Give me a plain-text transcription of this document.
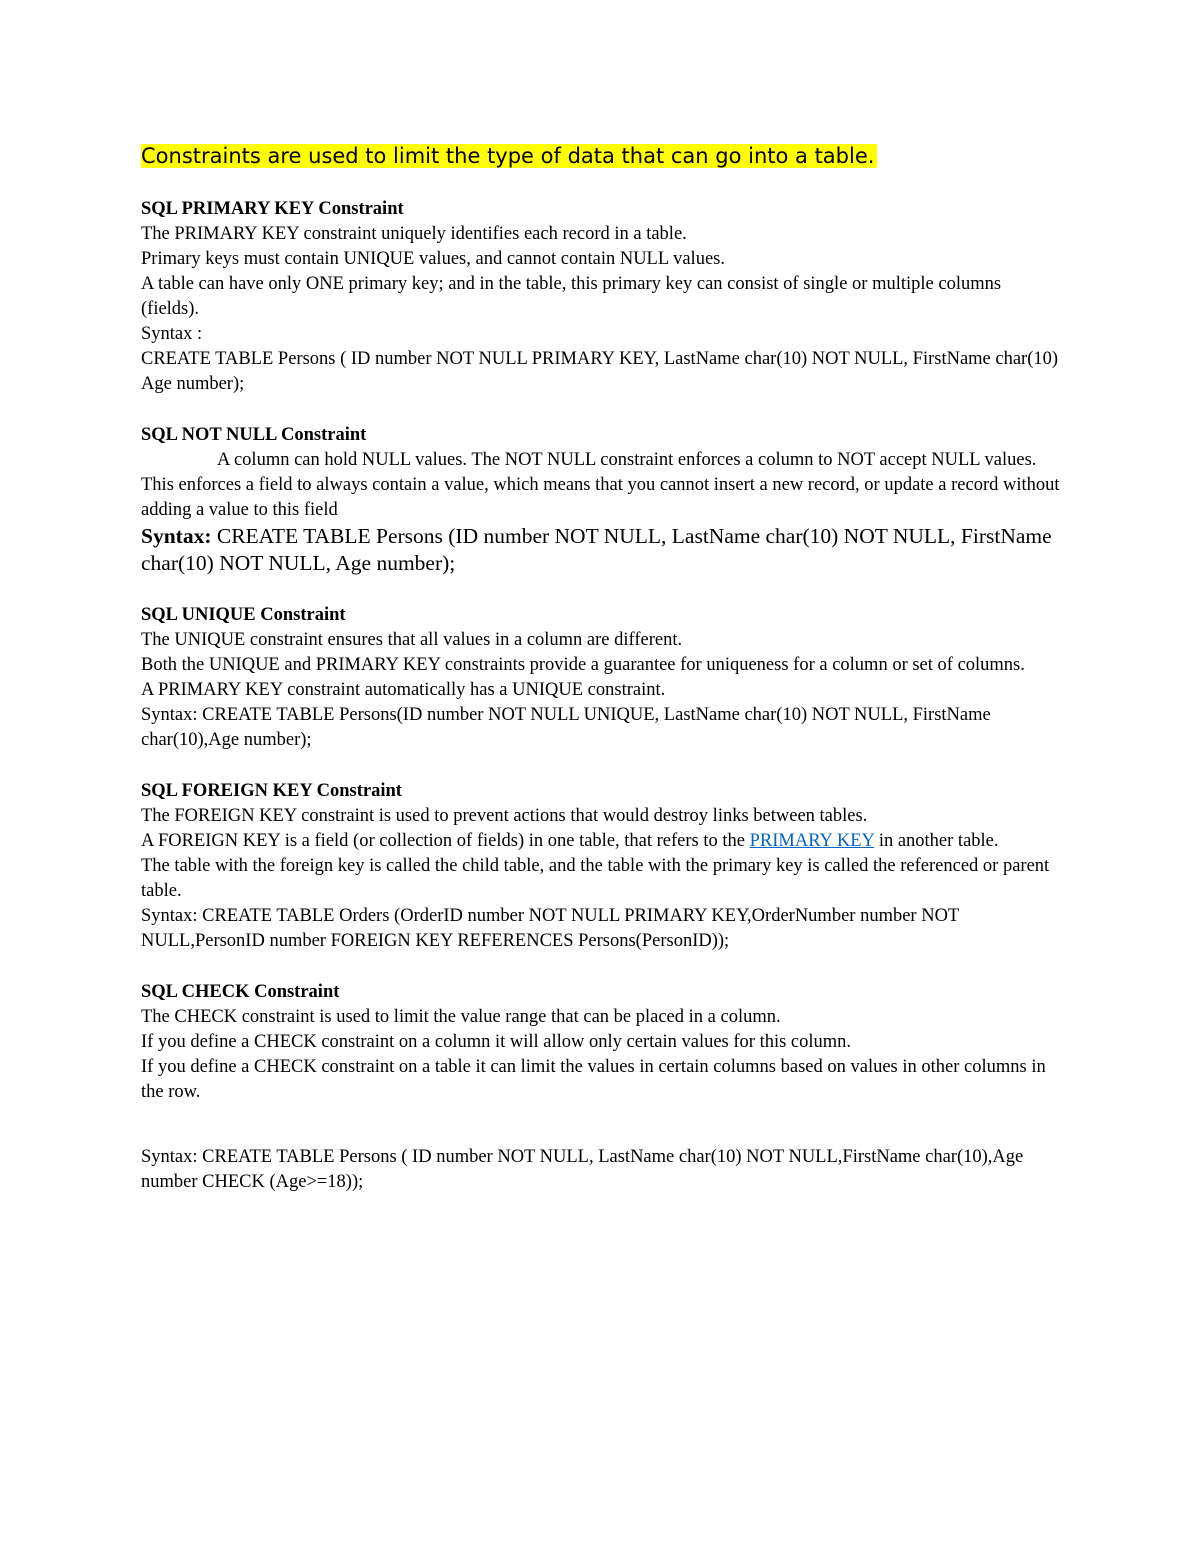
Constraints are used to limit the type of data that can go into a table.

SQL PRIMARY KEY Constraint

The PRIMARY KEY constraint uniquely identifies each record in a table.

Primary keys must contain UNIQUE values, and cannot contain NULL values.

A table can have only ONE primary key; and in the table, this primary key can consist of single or multiple columns (fields).

Syntax :

CREATE TABLE Persons ( ID number NOT NULL PRIMARY KEY, LastName char(10) NOT NULL, FirstName char(10) Age number);

SQL NOT NULL Constraint

A column can hold NULL values. The NOT NULL constraint enforces a column to NOT accept NULL values. This enforces a field to always contain a value, which means that you cannot insert a new record, or update a record without adding a value to this field

Syntax: CREATE TABLE Persons (ID number NOT NULL, LastName char(10) NOT NULL, FirstName char(10) NOT NULL, Age number);

SQL UNIQUE Constraint

The UNIQUE constraint ensures that all values in a column are different.

Both the UNIQUE and PRIMARY KEY constraints provide a guarantee for uniqueness for a column or set of columns.

A PRIMARY KEY constraint automatically has a UNIQUE constraint.

Syntax: CREATE TABLE Persons(ID number NOT NULL UNIQUE, LastName char(10) NOT NULL, FirstName char(10),Age number);

SQL FOREIGN KEY Constraint

The FOREIGN KEY constraint is used to prevent actions that would destroy links between tables.

A FOREIGN KEY is a field (or collection of fields) in one table, that refers to the PRIMARY KEY in another table.

The table with the foreign key is called the child table, and the table with the primary key is called the referenced or parent table.

Syntax: CREATE TABLE Orders (OrderID number NOT NULL PRIMARY KEY,OrderNumber number NOT NULL,PersonID number FOREIGN KEY REFERENCES Persons(PersonID));

SQL CHECK Constraint

The CHECK constraint is used to limit the value range that can be placed in a column.

If you define a CHECK constraint on a column it will allow only certain values for this column.

If you define a CHECK constraint on a table it can limit the values in certain columns based on values in other columns in the row.

Syntax: CREATE TABLE Persons ( ID number NOT NULL, LastName char(10) NOT NULL,FirstName char(10),Age number CHECK (Age>=18));
